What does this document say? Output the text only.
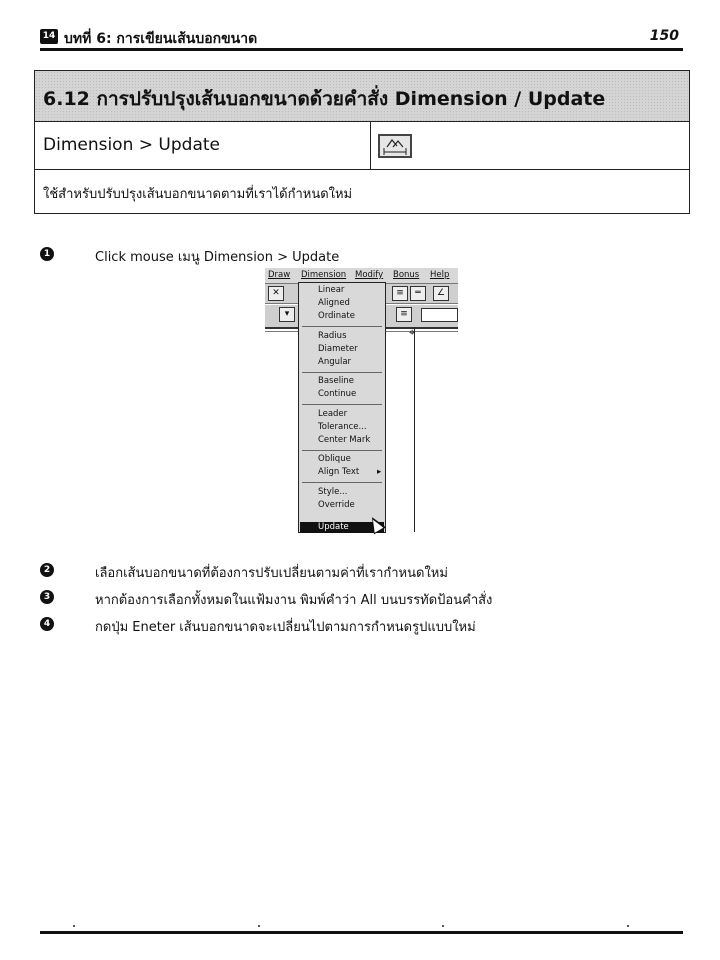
14 บทที่ 6: การเขียนเส้นบอกขนาด	150
6.12 การปรับปรุงเส้นบอกขนาดด้วยคำสั่ง Dimension / Update
Dimension > Update
ใช้สำหรับปรับปรุงเส้นบอกขนาดตามที่เราได้กำหนดใหม่
1	Click mouse เมนู Dimension > Update
Draw Dimension Modify Bonus Help
✕	≡	═	∠
▾	≡
⌖
Linear
Aligned
Ordinate
Radius
Diameter
Angular
Baseline
Continue
Leader
Tolerance...
Center Mark
Oblique
Align Text ▸
Style...
Override
Update
2	เลือกเส้นบอกขนาดที่ต้องการปรับเปลี่ยนตามค่าที่เรากำหนดใหม่
3	หากต้องการเลือกทั้งหมดในแฟ้มงาน พิมพ์คำว่า All บนบรรทัดป้อนคำสั่ง
4	กดปุ่ม Eneter เส้นบอกขนาดจะเปลี่ยนไปตามการกำหนดรูปแบบใหม่
